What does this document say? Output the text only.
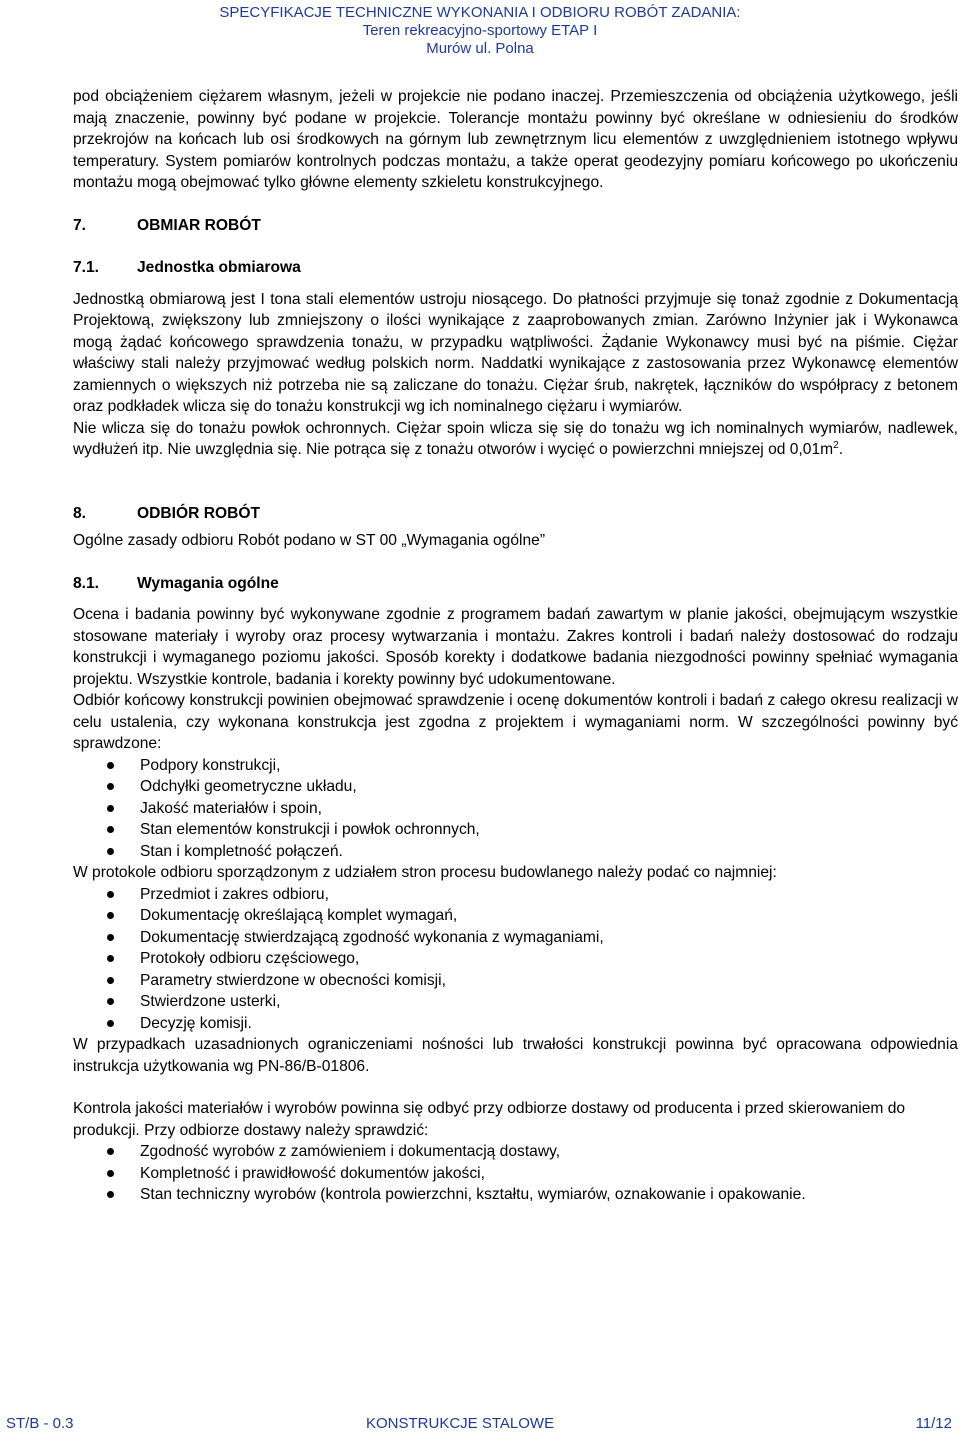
SPECYFIKACJE TECHNICZNE WYKONANIA I ODBIORU ROBÓT ZADANIA:
Teren rekreacyjno-sportowy ETAP I
Murów ul. Polna

pod obciążeniem ciężarem własnym, jeżeli w projekcie nie podano inaczej. Przemieszczenia od obciążenia użytkowego, jeśli mają znaczenie, powinny być podane w projekcie. Tolerancje montażu powinny być określane w odniesieniu do środków przekrojów na końcach lub osi środkowych na górnym lub zewnętrznym licu elementów z uwzględnieniem istotnego wpływu temperatury. System pomiarów kontrolnych podczas montażu, a także operat geodezyjny pomiaru końcowego po ukończeniu montażu mogą obejmować tylko główne elementy szkieletu konstrukcyjnego.

7.	OBMIAR ROBÓT
7.1.	Jednostka obmiarowa

Jednostką obmiarową jest I tona stali elementów ustroju niosącego. Do płatności przyjmuje się tonaż zgodnie z Dokumentacją Projektową, zwiększony lub zmniejszony o ilości wynikające z zaaprobowanych zmian. Zarówno Inżynier jak i Wykonawca mogą żądać końcowego sprawdzenia tonażu, w przypadku wątpliwości. Żądanie Wykonawcy musi być na piśmie. Ciężar właściwy stali należy przyjmować według polskich norm. Naddatki wynikające z zastosowania przez Wykonawcę elementów zamiennych o większych niż potrzeba nie są zaliczane do tonażu. Ciężar śrub, nakrętek, łączników do współpracy z betonem oraz podkładek wlicza się do tonażu konstrukcji wg ich nominalnego ciężaru i wymiarów.

Nie wlicza się do tonażu powłok ochronnych. Ciężar spoin wlicza się się do tonażu wg ich nominalnych wymiarów, nadlewek, wydłużeń itp. Nie uwzględnia się. Nie potrąca się z tonażu otworów i wycięć o powierzchni mniejszej od $0,01m^2$.

8.	ODBIÓR ROBÓT

Ogólne zasady odbioru Robót podano w ST 00 „Wymagania ogólne”

8.1.	Wymagania ogólne

Ocena i badania powinny być wykonywane zgodnie z programem badań zawartym w planie jakości, obejmującym wszystkie stosowane materiały i wyroby oraz procesy wytwarzania i montażu. Zakres kontroli i badań należy dostosować do rodzaju konstrukcji i wymaganego poziomu jakości. Sposób korekty i dodatkowe badania niezgodności powinny spełniać wymagania projektu. Wszystkie kontrole, badania i korekty powinny być udokumentowane.

Odbiór końcowy konstrukcji powinien obejmować sprawdzenie i ocenę dokumentów kontroli i badań z całego okresu realizacji w celu ustalenia, czy wykonana konstrukcja jest zgodna z projektem i wymaganiami norm. W szczególności powinny być sprawdzone:

Podpory konstrukcji,
Odchyłki geometryczne układu,
Jakość materiałów i spoin,
Stan elementów konstrukcji i powłok ochronnych,
Stan i kompletność połączeń.

W protokole odbioru sporządzonym z udziałem stron procesu budowlanego należy podać co najmniej:

Przedmiot i zakres odbioru,
Dokumentację określającą komplet wymagań,
Dokumentację stwierdzającą zgodność wykonania z wymaganiami,
Protokoły odbioru częściowego,
Parametry stwierdzone w obecności komisji,
Stwierdzone usterki,
Decyzję komisji.

W przypadkach uzasadnionych ograniczeniami nośności lub trwałości konstrukcji powinna być opracowana odpowiednia instrukcja użytkowania wg PN-86/B-01806.

Kontrola jakości materiałów i wyrobów powinna się odbyć przy odbiorze dostawy od producenta i przed skierowaniem do produkcji. Przy odbiorze dostawy należy sprawdzić:

Zgodność wyrobów z zamówieniem i dokumentacją dostawy,
Kompletność i prawidłowość dokumentów jakości,
Stan techniczny wyrobów (kontrola powierzchni, kształtu, wymiarów, oznakowanie i opakowanie.
ST/B - 0.3	KONSTRUKCJE STALOWE	11/12
